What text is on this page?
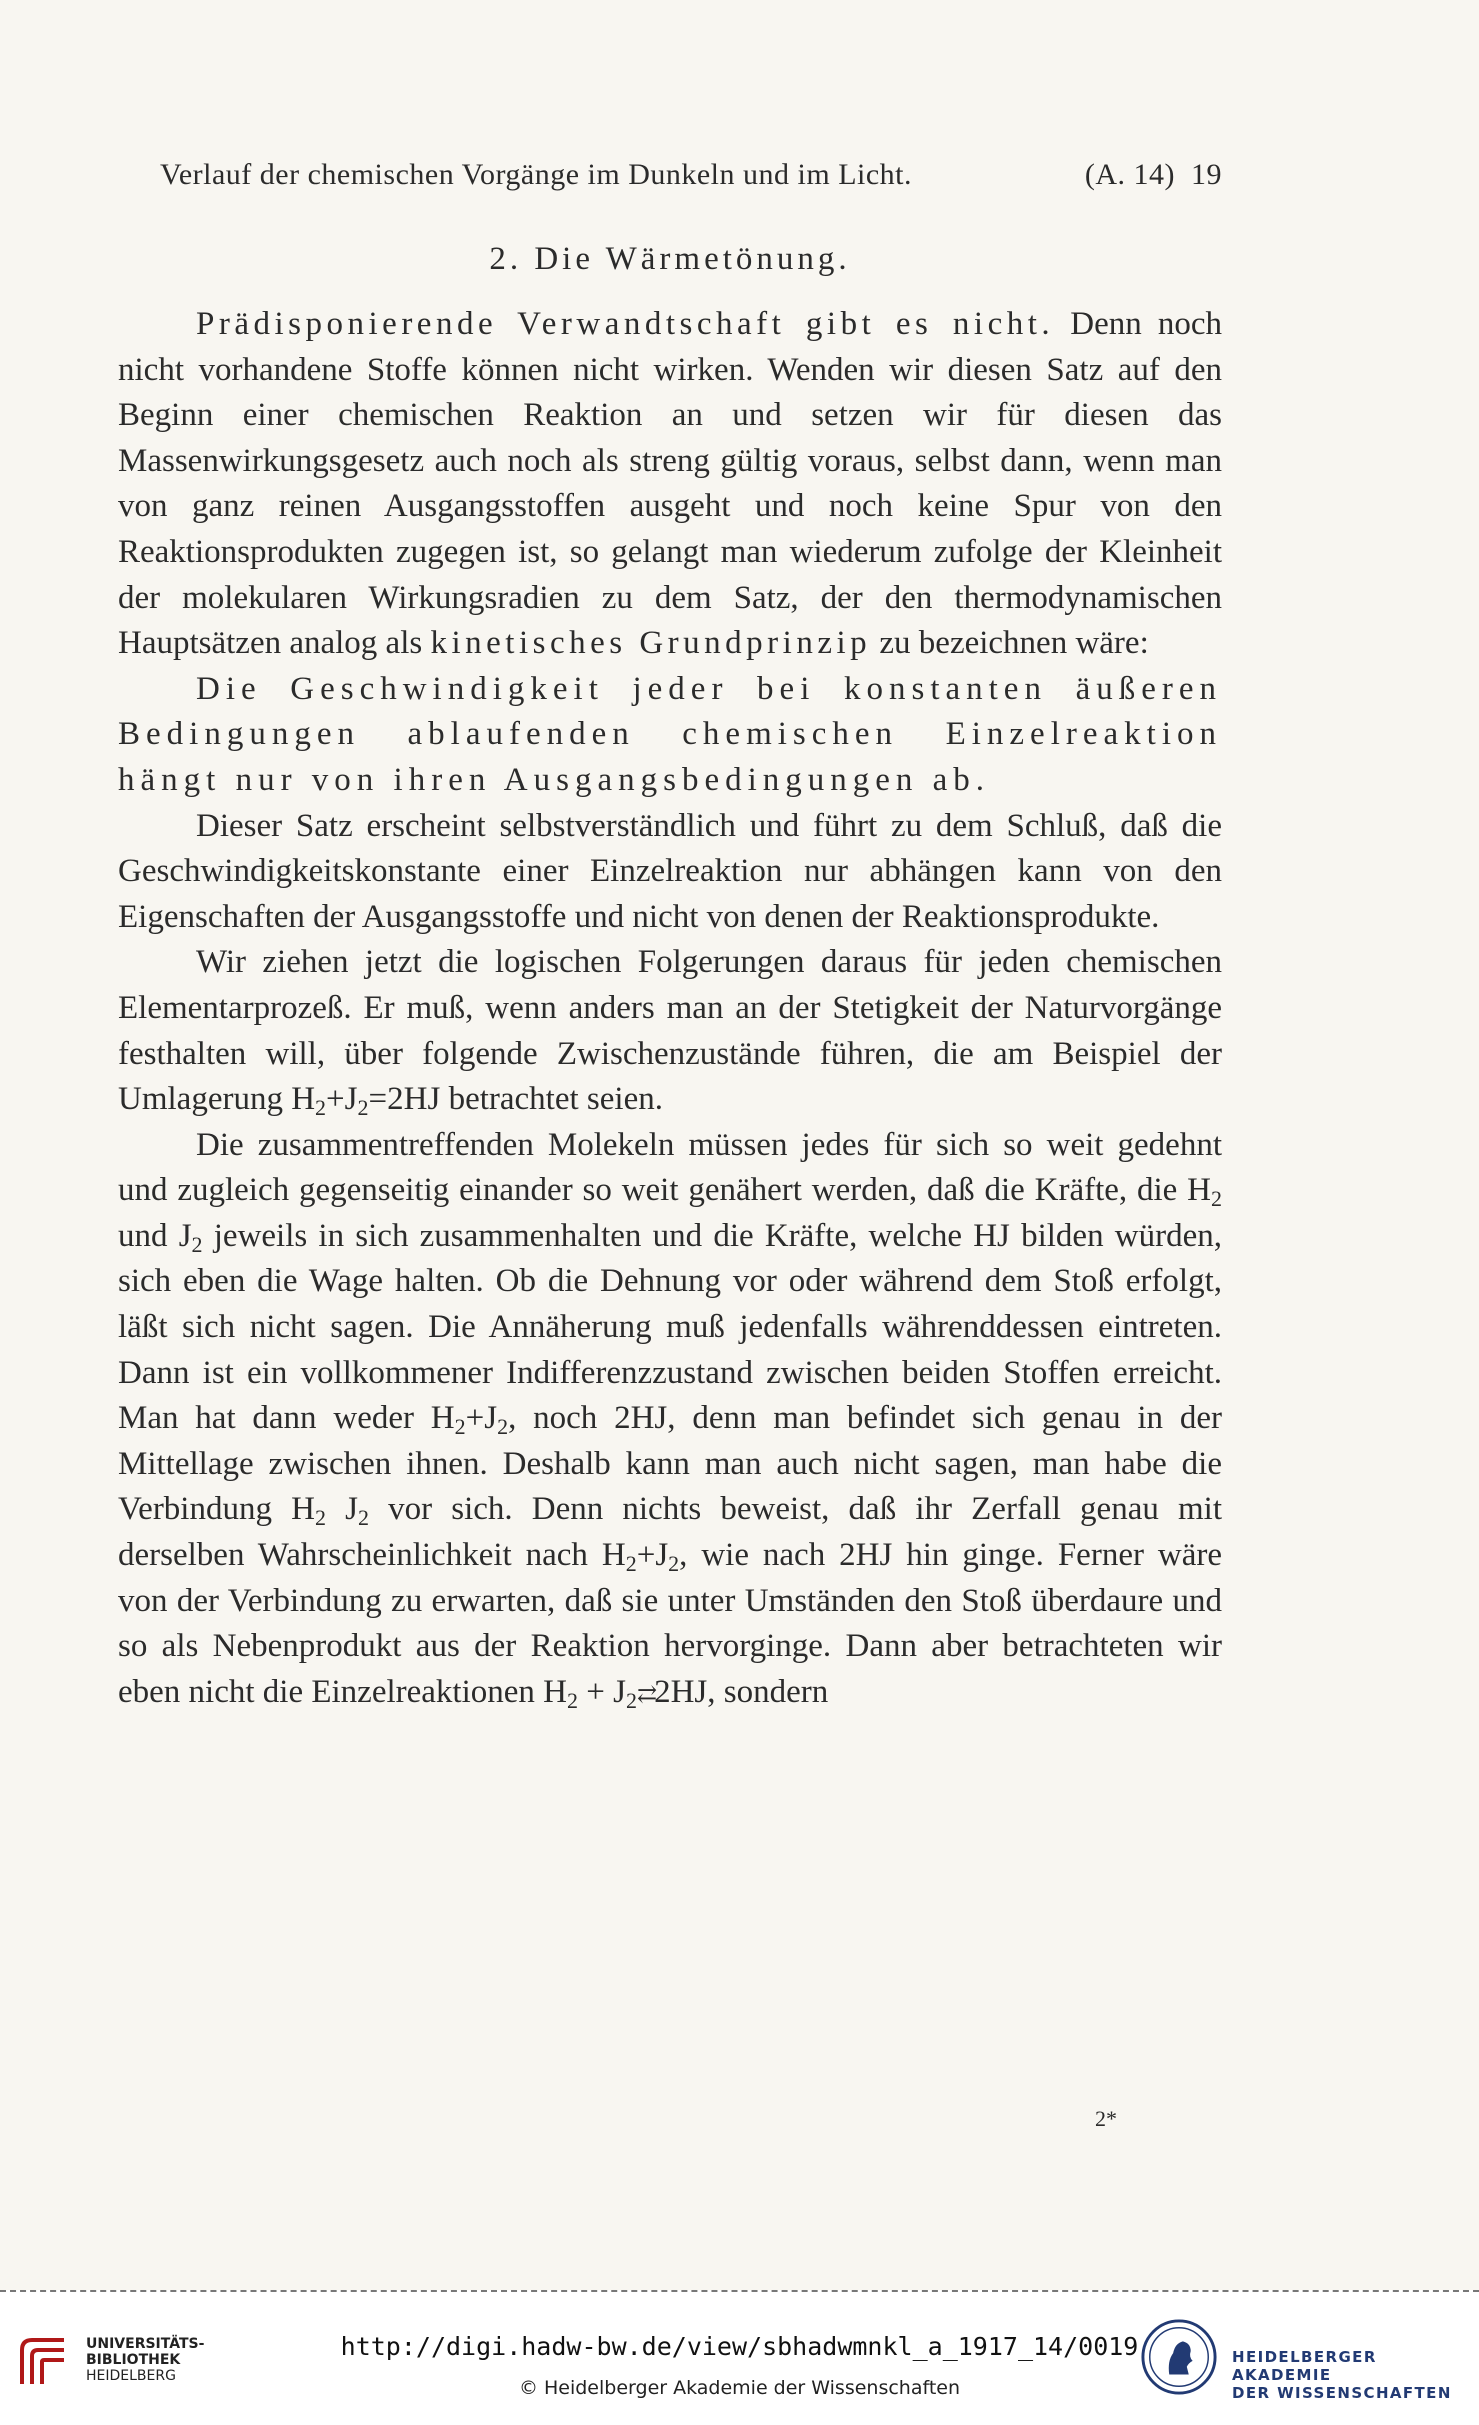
Verlauf der chemischen Vorgänge im Dunkeln und im Licht.	(A. 14) 19
2. Die Wärmetönung.

Prädisponierende Verwandtschaft gibt es nicht. Denn noch nicht vorhandene Stoffe können nicht wirken. Wenden wir diesen Satz auf den Beginn einer chemischen Reaktion an und setzen wir für diesen das Massenwirkungsgesetz auch noch als streng gültig voraus, selbst dann, wenn man von ganz reinen Ausgangsstoffen ausgeht und noch keine Spur von den Reaktionsprodukten zugegen ist, so gelangt man wiederum zufolge der Kleinheit der molekularen Wirkungsradien zu dem Satz, der den thermodynamischen Hauptsätzen analog als kinetisches Grundprinzip zu bezeichnen wäre:

Die Geschwindigkeit jeder bei konstanten äußeren Bedingungen ablaufenden chemischen Einzelreaktion hängt nur von ihren Ausgangsbedingungen ab.

Dieser Satz erscheint selbstverständlich und führt zu dem Schluß, daß die Geschwindigkeitskonstante einer Einzelreaktion nur abhängen kann von den Eigenschaften der Ausgangsstoffe und nicht von denen der Reaktionsprodukte.

Wir ziehen jetzt die logischen Folgerungen daraus für jeden chemischen Elementarprozeß. Er muß, wenn anders man an der Stetigkeit der Naturvorgänge festhalten will, über folgende Zwischenzustände führen, die am Beispiel der Umlagerung $H_2+J_2=2HJ$ betrachtet seien.

Die zusammentreffenden Molekeln müssen jedes für sich so weit gedehnt und zugleich gegenseitig einander so weit genähert werden, daß die Kräfte, die $H_2$ und $J_2$ jeweils in sich zusammenhalten und die Kräfte, welche HJ bilden würden, sich eben die Wage halten. Ob die Dehnung vor oder während dem Stoß erfolgt, läßt sich nicht sagen. Die Annäherung muß jedenfalls währenddessen eintreten. Dann ist ein vollkommener Indifferenzzustand zwischen beiden Stoffen erreicht. Man hat dann weder $H_2+J_2$, noch 2HJ, denn man befindet sich genau in der Mittellage zwischen ihnen. Deshalb kann man auch nicht sagen, man habe die Verbindung $H_2$ $J_2$ vor sich. Denn nichts beweist, daß ihr Zerfall genau mit derselben Wahrscheinlichkeit nach $H_2+J_2$, wie nach 2HJ hin ginge. Ferner wäre von der Verbindung zu erwarten, daß sie unter Umständen den Stoß überdaure und so als Nebenprodukt aus der Reaktion hervorginge. Dann aber betrachteten wir eben nicht die Einzelreaktionen $H_2$ + $J_2⇄2HJ$, sondern

2*
UNIVERSITÄTS-
BIBLIOTHEK
HEIDELBERG
http://digi.hadw-bw.de/view/sbhadwmnkl_a_1917_14/0019
© Heidelberger Akademie der Wissenschaften
HEIDELBERGER AKADEMIE
DER WISSENSCHAFTEN
